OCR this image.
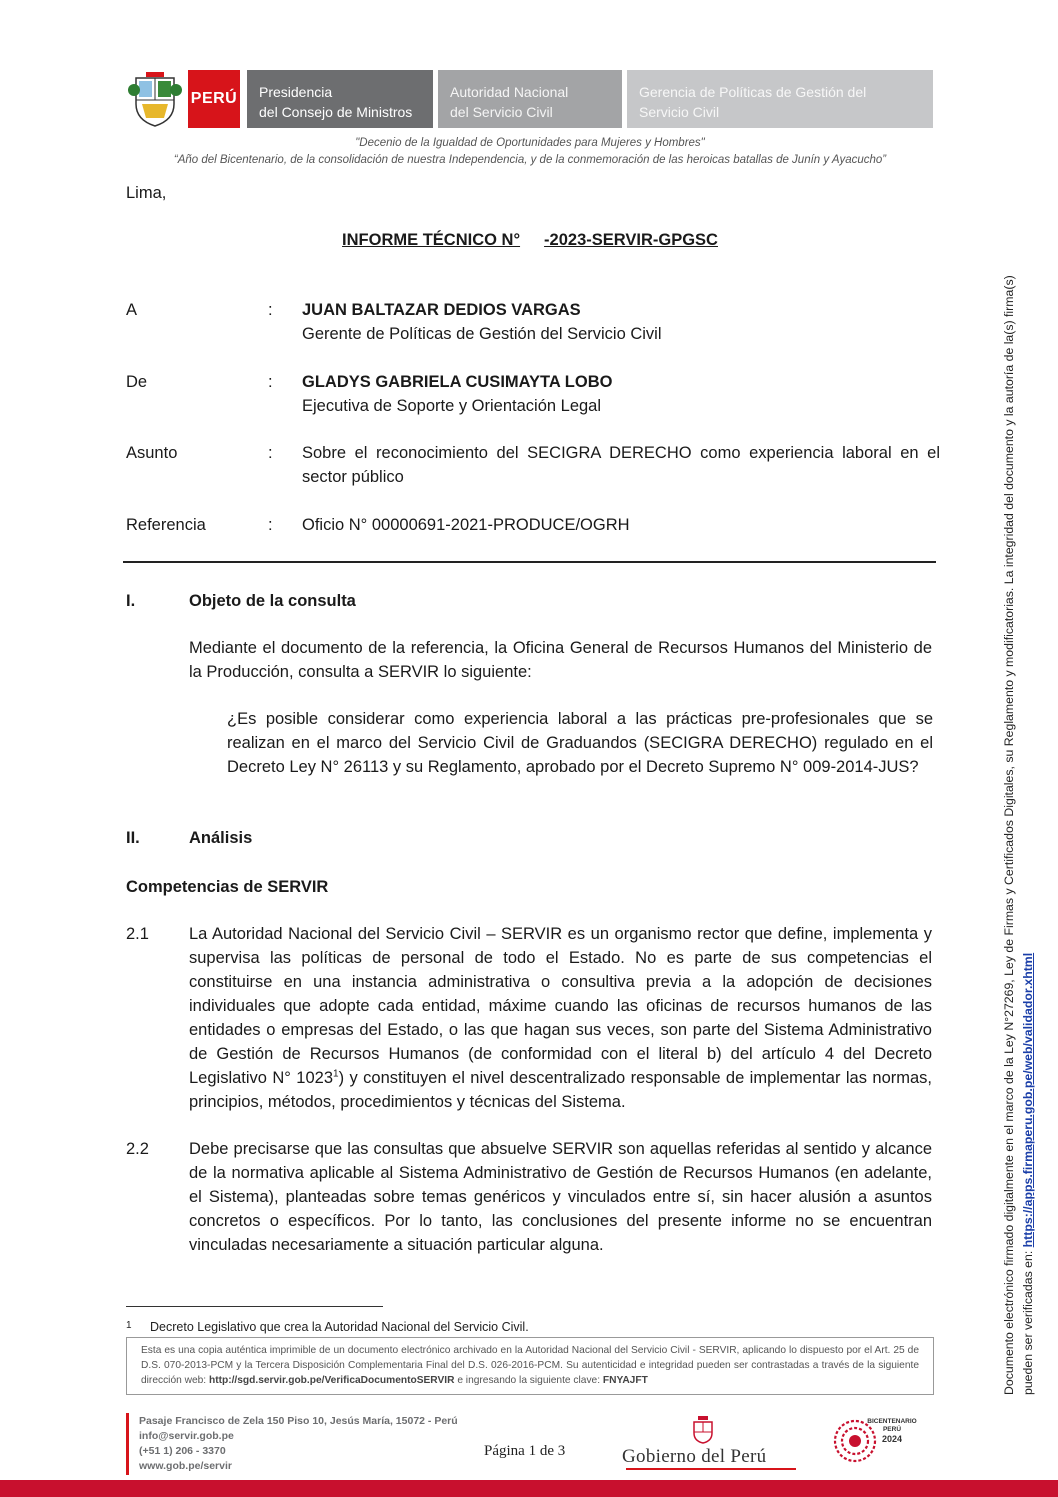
PERÚ Presidencia
del Consejo de Ministros
Autoridad Nacional
del Servicio Civil
Gerencia de Políticas de Gestión del
Servicio Civil
"Decenio de la Igualdad de Oportunidades para Mujeres y Hombres"
“Año del Bicentenario, de la consolidación de nuestra Independencia, y de la conmemoración de las heroicas batallas de Junín y Ayacucho”
Lima,
INFORME TÉCNICO N° -2023-SERVIR-GPGSC
A	: JUAN BALTAZAR DEDIOS VARGAS
Gerente de Políticas de Gestión del Servicio Civil
De	: GLADYS GABRIELA CUSIMAYTA LOBO
Ejecutiva de Soporte y Orientación Legal
Asunto	: Sobre el reconocimiento del SECIGRA DERECHO como experiencia laboral en el sector público
Referencia	: Oficio N° 00000691-2021-PRODUCE/OGRH
I.	Objeto de la consulta
Mediante el documento de la referencia, la Oficina General de Recursos Humanos del Ministerio de la Producción, consulta a SERVIR lo siguiente:
¿Es posible considerar como experiencia laboral a las prácticas pre-profesionales que se realizan en el marco del Servicio Civil de Graduandos (SECIGRA DERECHO) regulado en el Decreto Ley N° 26113 y su Reglamento, aprobado por el Decreto Supremo N° 009-2014-JUS?
II.	Análisis
Competencias de SERVIR
2.1 La Autoridad Nacional del Servicio Civil – SERVIR es un organismo rector que define, implementa y supervisa las políticas de personal de todo el Estado. No es parte de sus competencias el constituirse en una instancia administrativa o consultiva previa a la adopción de decisiones individuales que adopte cada entidad, máxime cuando las oficinas de recursos humanos de las entidades o empresas del Estado, o las que hagan sus veces, son parte del Sistema Administrativo de Gestión de Recursos Humanos (de conformidad con el literal b) del artículo 4 del Decreto Legislativo N° 1023$^1$) y constituyen el nivel descentralizado responsable de implementar las normas, principios, métodos, procedimientos y técnicas del Sistema.
2.2 Debe precisarse que las consultas que absuelve SERVIR son aquellas referidas al sentido y alcance de la normativa aplicable al Sistema Administrativo de Gestión de Recursos Humanos (en adelante, el Sistema), planteadas sobre temas genéricos y vinculados entre sí, sin hacer alusión a asuntos concretos o específicos. Por lo tanto, las conclusiones del presente informe no se encuentran vinculadas necesariamente a situación particular alguna.
1 Decreto Legislativo que crea la Autoridad Nacional del Servicio Civil.
Esta es una copia auténtica imprimible de un documento electrónico archivado en la Autoridad Nacional del Servicio Civil - SERVIR, aplicando lo dispuesto por el Art. 25 de D.S. 070-2013-PCM y la Tercera Disposición Complementaria Final del D.S. 026-2016-PCM. Su autenticidad e integridad pueden ser contrastadas a través de la siguiente dirección web: http://sgd.servir.gob.pe/VerificaDocumentoSERVIR e ingresando la siguiente clave: FNYAJFT
Pasaje Francisco de Zela 150 Piso 10, Jesús María, 15072 - Perú
info@servir.gob.pe
(+51 1) 206 - 3370
www.gob.pe/servir
Página 1 de 3	Gobierno del Perú
BICENTENARIO
PERÚ
2024
Documento electrónico firmado digitalmente en el marco de la Ley N°27269, Ley de Firmas y Certificados Digitales, su Reglamento y modificatorias. La integridad del documento y la autoría de la(s) firma(s) pueden ser verificadas en: https://apps.firmaperu.gob.pe/web/validador.xhtml
